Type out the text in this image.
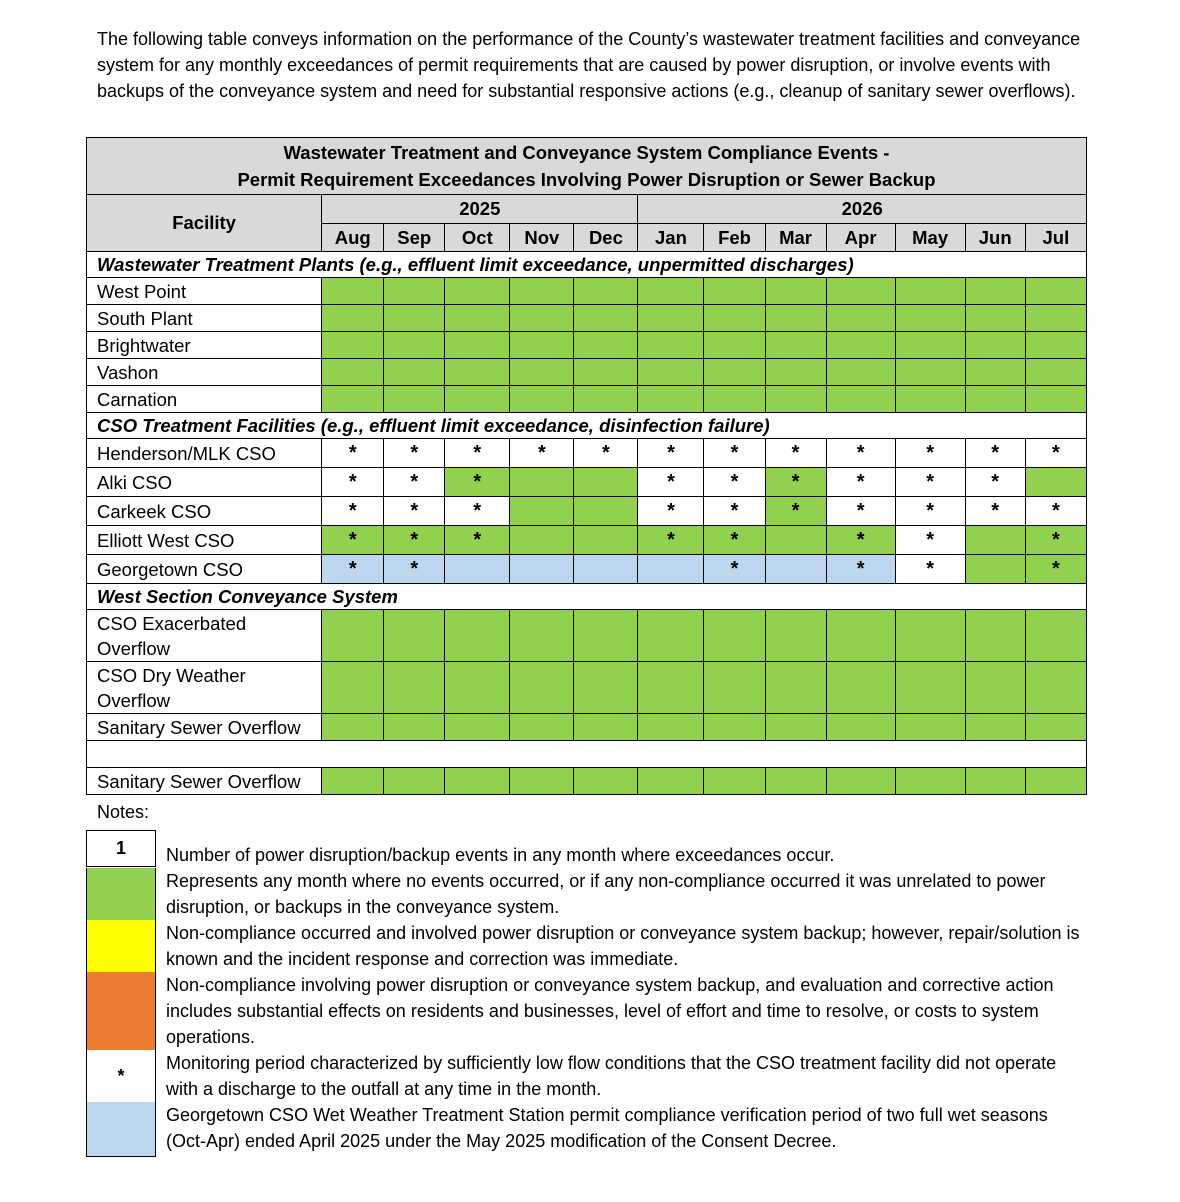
The following table conveys information on the performance of the County’s wastewater treatment facilities and conveyance system for any monthly exceedances of permit requirements that are caused by power disruption, or involve events with backups of the conveyance system and need for substantial responsive actions (e.g., cleanup of sanitary sewer overflows).

Wastewater Treatment and Conveyance System Compliance Events -
Permit Requirement Exceedances Involving Power Disruption or Sewer Backup												
Facility	2025					2026						
	Aug	Sep	Oct	Nov	Dec	Jan	Feb	Mar	Apr	May	Jun	Jul
Wastewater Treatment Plants (e.g., effluent limit exceedance, unpermitted discharges)												
West Point												
South Plant												
Brightwater												
Vashon												
Carnation												
CSO Treatment Facilities (e.g., effluent limit exceedance, disinfection failure)												
Henderson/MLK CSO	*	*	*	*	*	*	*	*	*	*	*	*
Alki CSO	*	*	*			*	*	*	*	*	*	
Carkeek CSO	*	*	*			*	*	*	*	*	*	*
Elliott West CSO	*	*	*			*	*		*	*		*
Georgetown CSO	*	*					*		*	*		*
West Section Conveyance System												
CSO Exacerbated Overflow												
CSO Dry Weather Overflow												
Sanitary Sewer Overflow												

Sanitary Sewer Overflow												
Notes:
1	Number of power disruption/backup events in any month where exceedances occur.

Represents any month where no events occurred, or if any non-compliance occurred it was unrelated to power disruption, or backups in the conveyance system.

Non-compliance occurred and involved power disruption or conveyance system backup; however, repair/solution is known and the incident response and correction was immediate.

Non-compliance involving power disruption or conveyance system backup, and evaluation and corrective action includes substantial effects on residents and businesses, level of effort and time to resolve, or costs to system operations.

*

Monitoring period characterized by sufficiently low flow conditions that the CSO treatment facility did not operate with a discharge to the outfall at any time in the month.

Georgetown CSO Wet Weather Treatment Station permit compliance verification period of two full wet seasons (Oct-Apr) ended April 2025 under the May 2025 modification of the Consent Decree.
